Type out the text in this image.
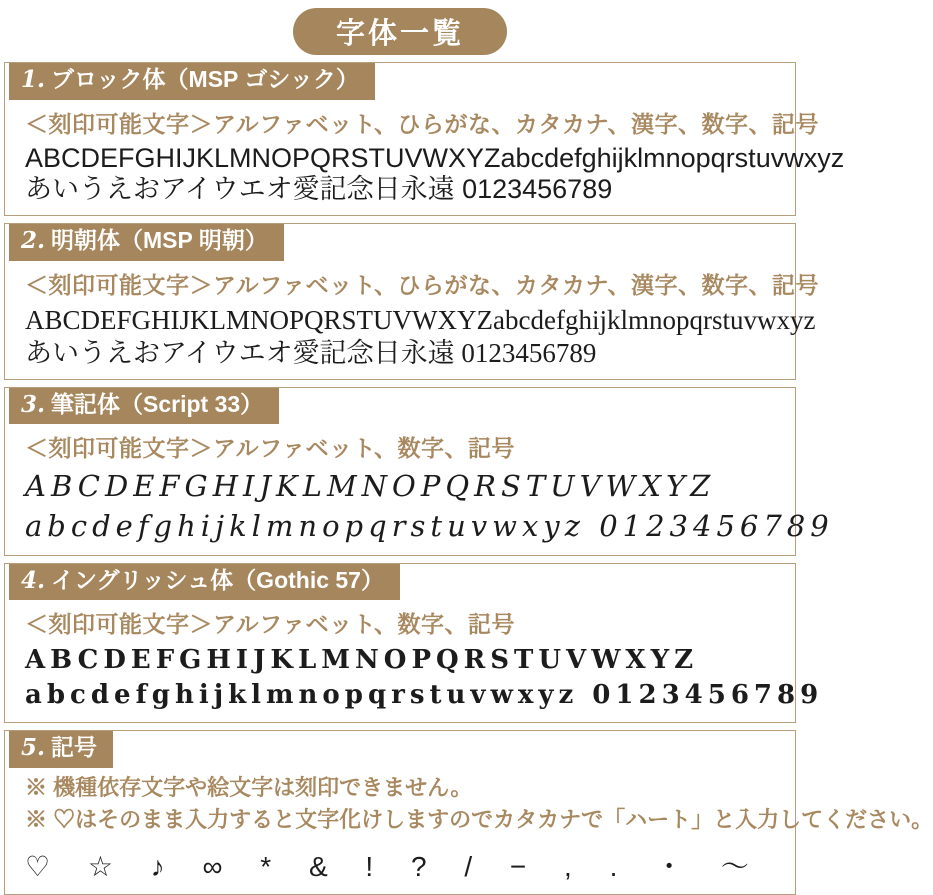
字体一覧
1. ブロック体（MSP ゴシック）
＜刻印可能文字＞アルファベット、ひらがな、カタカナ、漢字、数字、記号
ABCDEFGHIJKLMNOPQRSTUVWXYZabcdefghijklmnopqrstuvwxyz
あいうえおアイウエオ愛記念日永遠 0123456789
2. 明朝体（MSP 明朝）
＜刻印可能文字＞アルファベット、ひらがな、カタカナ、漢字、数字、記号
ABCDEFGHIJKLMNOPQRSTUVWXYZabcdefghijklmnopqrstuvwxyz
あいうえおアイウエオ愛記念日永遠 0123456789
3. 筆記体（Script 33）
＜刻印可能文字＞アルファベット、数字、記号
ABCDEFGHIJKLMNOPQRSTUVWXYZ
abcdefghijklmnopqrstuvwxyz 0123456789
4. イングリッシュ体（Gothic 57）
＜刻印可能文字＞アルファベット、数字、記号
ABCDEFGHIJKLMNOPQRSTUVWXYZ
abcdefghijklmnopqrstuvwxyz 0123456789
5. 記号
※ 機種依存文字や絵文字は刻印できません。
※ ♡はそのまま入力すると文字化けしますのでカタカナで「ハート」と入力してください。
♡ ☆ ♪ ∞ * & ! ? / − , . ・ ～
